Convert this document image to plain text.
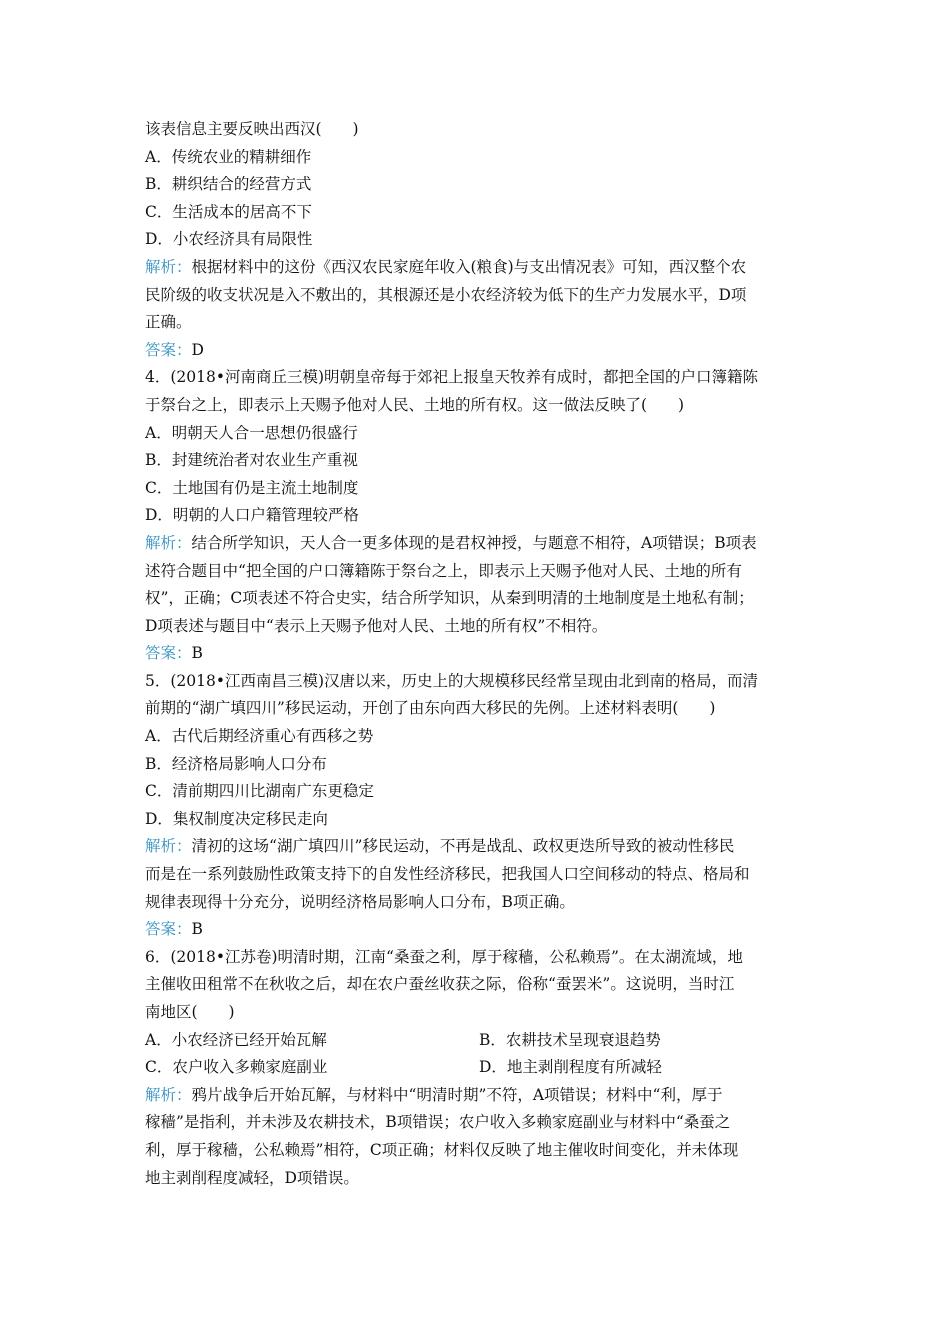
该表信息主要反映出西汉(　　)
A．传统农业的精耕细作
B．耕织结合的经营方式
C．生活成本的居高不下
D．小农经济具有局限性
解析：根据材料中的这份《西汉农民家庭年收入(粮食)与支出情况表》可知，西汉整个农
民阶级的收支状况是入不敷出的，其根源还是小农经济较为低下的生产力发展水平，D项
正确。
答案：D
4．(2018•河南商丘三模)明朝皇帝每于郊祀上报皇天牧养有成时，都把全国的户口簿籍陈
于祭台之上，即表示上天赐予他对人民、土地的所有权。这一做法反映了(　　)
A．明朝天人合一思想仍很盛行
B．封建统治者对农业生产重视
C．土地国有仍是主流土地制度
D．明朝的人口户籍管理较严格
解析：结合所学知识，天人合一更多体现的是君权神授，与题意不相符，A项错误；B项表
述符合题目中“把全国的户口簿籍陈于祭台之上，即表示上天赐予他对人民、土地的所有
权”，正确；C项表述不符合史实，结合所学知识，从秦到明清的土地制度是土地私有制；
D项表述与题目中“表示上天赐予他对人民、土地的所有权”不相符。
答案：B
5．(2018•江西南昌三模)汉唐以来，历史上的大规模移民经常呈现由北到南的格局，而清
前期的“湖广填四川”移民运动，开创了由东向西大移民的先例。上述材料表明(　　)
A．古代后期经济重心有西移之势
B．经济格局影响人口分布
C．清前期四川比湖南广东更稳定
D．集权制度决定移民走向
解析：清初的这场“湖广填四川”移民运动，不再是战乱、政权更迭所导致的被动性移民
而是在一系列鼓励性政策支持下的自发性经济移民，把我国人口空间移动的特点、格局和
规律表现得十分充分，说明经济格局影响人口分布，B项正确。
答案：B
6．(2018•江苏卷)明清时期，江南“桑蚕之利，厚于稼穑，公私赖焉”。在太湖流域，地
主催收田租常不在秋收之后，却在农户蚕丝收获之际，俗称“蚕罢米”。这说明，当时江
南地区(　　)
A．小农经济已经开始瓦解	B．农耕技术呈现衰退趋势
C．农户收入多赖家庭副业	D．地主剥削程度有所减轻
解析：鸦片战争后开始瓦解，与材料中“明清时期”不符，A项错误；材料中“利，厚于
稼穑”是指利，并未涉及农耕技术，B项错误；农户收入多赖家庭副业与材料中“桑蚕之
利，厚于稼穑，公私赖焉”相符，C项正确；材料仅反映了地主催收时间变化，并未体现
地主剥削程度减轻，D项错误。
